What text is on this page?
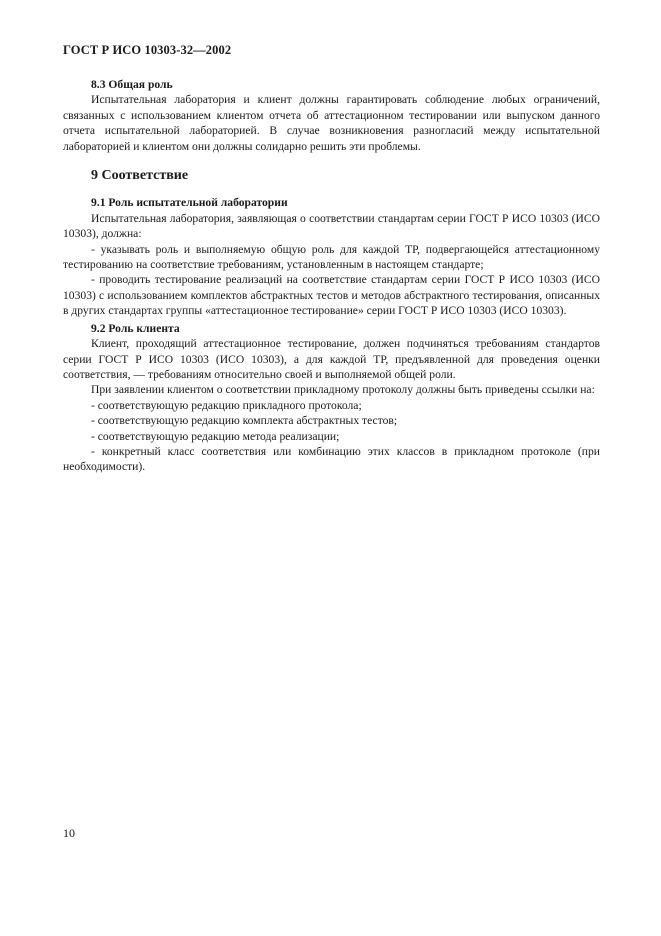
ГОСТ Р ИСО 10303-32—2002

8.3 Общая роль

Испытательная лаборатория и клиент должны гарантировать соблюдение любых ограничений, связанных с использованием клиентом отчета об аттестационном тестировании или выпуском данного отчета испытательной лабораторией. В случае возникновения разногласий между испытательной лабораторией и клиентом они должны солидарно решить эти проблемы.

9 Соответствие

9.1 Роль испытательной лаборатории

Испытательная лаборатория, заявляющая о соответствии стандартам серии ГОСТ Р ИСО 10303 (ИСО 10303), должна:

- указывать роль и выполняемую общую роль для каждой ТР, подвергающейся аттестационному тестированию на соответствие требованиям, установленным в настоящем стандарте;

- проводить тестирование реализаций на соответствие стандартам серии ГОСТ Р ИСО 10303 (ИСО 10303) с использованием комплектов абстрактных тестов и методов абстрактного тестирования, описанных в других стандартах группы «аттестационное тестирование» серии ГОСТ Р ИСО 10303 (ИСО 10303).

9.2 Роль клиента

Клиент, проходящий аттестационное тестирование, должен подчиняться требованиям стандартов серии ГОСТ Р ИСО 10303 (ИСО 10303), а для каждой ТР, предъявленной для проведения оценки соответствия, — требованиям относительно своей и выполняемой общей роли.

При заявлении клиентом о соответствии прикладному протоколу должны быть приведены ссылки на:

- соответствующую редакцию прикладного протокола;

- соответствующую редакцию комплекта абстрактных тестов;

- соответствующую редакцию метода реализации;

- конкретный класс соответствия или комбинацию этих классов в прикладном протоколе (при необходимости).

10
